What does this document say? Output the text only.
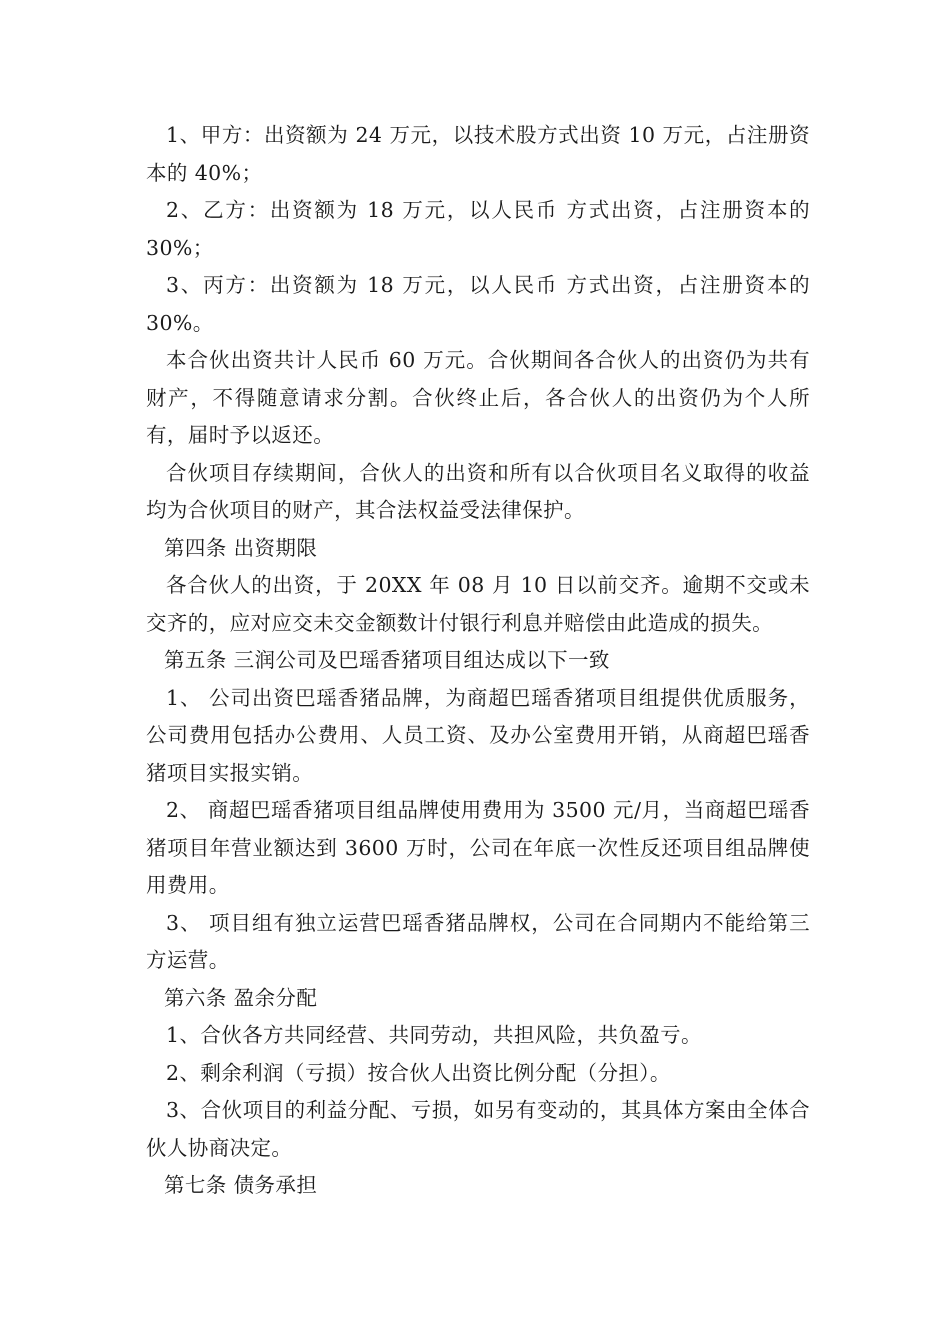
1、甲方：出资额为 24 万元，以技术股方式出资 10 万元，占注册资本的 40%；

2、乙方：出资额为 18 万元，以人民币 方式出资，占注册资本的 30%；

3、丙方：出资额为 18 万元，以人民币 方式出资，占注册资本的 30%。

本合伙出资共计人民币 60 万元。合伙期间各合伙人的出资仍为共有财产，不得随意请求分割。合伙终止后，各合伙人的出资仍为个人所有，届时予以返还。

合伙项目存续期间，合伙人的出资和所有以合伙项目名义取得的收益均为合伙项目的财产，其合法权益受法律保护。

第四条 出资期限

各合伙人的出资，于 20XX 年 08 月 10 日以前交齐。逾期不交或未交齐的，应对应交未交金额数计付银行利息并赔偿由此造成的损失。

第五条 三润公司及巴瑶香猪项目组达成以下一致

1、 公司出资巴瑶香猪品牌，为商超巴瑶香猪项目组提供优质服务，公司费用包括办公费用、人员工资、及办公室费用开销，从商超巴瑶香猪项目实报实销。

2、 商超巴瑶香猪项目组品牌使用费用为 3500 元/月，当商超巴瑶香猪项目年营业额达到 3600 万时，公司在年底一次性反还项目组品牌使用费用。

3、 项目组有独立运营巴瑶香猪品牌权，公司在合同期内不能给第三方运营。

第六条 盈余分配

1、合伙各方共同经营、共同劳动，共担风险，共负盈亏。

2、剩余利润（亏损）按合伙人出资比例分配（分担）。

3、合伙项目的利益分配、亏损，如另有变动的，其具体方案由全体合伙人协商决定。

第七条 债务承担
